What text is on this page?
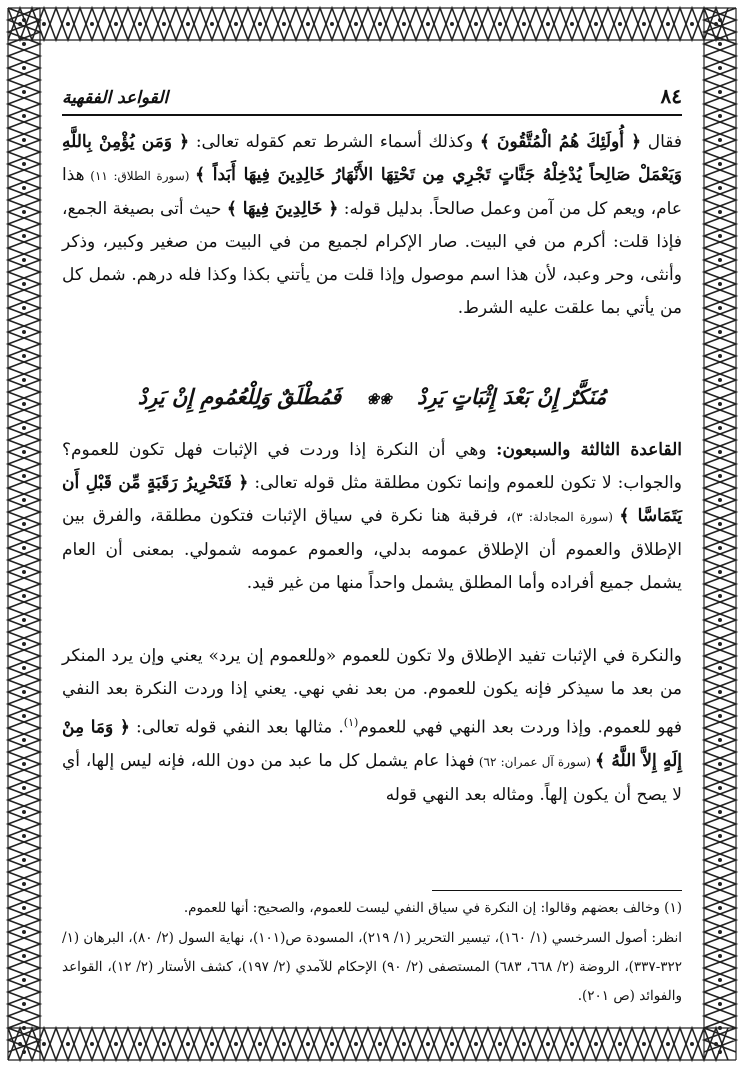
٨٤
القواعد الفقهية
فقال ﴿ أُولَئِكَ هُمُ الْمُتَّقُونَ ﴾ وكذلك أسماء الشرط تعم كقوله تعالى: ﴿ وَمَن يُؤْمِنْ بِاللَّهِ وَيَعْمَلْ صَالِحاً يُدْخِلْهُ جَنَّاتٍ تَجْرِي مِن تَحْتِهَا الأَنْهَارُ خَالِدِينَ فِيهَا أَبَداً ﴾ (سورة الطلاق: ١١) هذا عام، ويعم كل من آمن وعمل صالحاً. بدليل قوله: ﴿ خَالِدِينَ فِيهَا ﴾ حيث أتى بصيغة الجمع، فإذا قلت: أكرم من في البيت. صار الإكرام لجميع من في البيت من صغير وكبير، وذكر وأنثى، وحر وعبد، لأن هذا اسم موصول وإذا قلت من يأتني بكذا وكذا فله درهم. شمل كل من يأتي بما علقت عليه الشرط.
مُنَكَّرٌ إِنْ بَعْدَ إِثْبَاتٍ يَرِدْ ❀❀ فَمُطْلَقٌ وَلِلْعُمُومِ إِنْ يَرِدْ
القاعدة الثالثة والسبعون: وهي أن النكرة إذا وردت في الإثبات فهل تكون للعموم؟ والجواب: لا تكون للعموم وإنما تكون مطلقة مثل قوله تعالى: ﴿ فَتَحْرِيرُ رَقَبَةٍ مِّن قَبْلِ أَن يَتَمَاسَّا ﴾ (سورة المجادلة: ٣)، فرقبة هنا نكرة في سياق الإثبات فتكون مطلقة، والفرق بين الإطلاق والعموم أن الإطلاق عمومه بدلي، والعموم عمومه شمولي. بمعنى أن العام يشمل جميع أفراده وأما المطلق يشمل واحداً منها من غير قيد.
والنكرة في الإثبات تفيد الإطلاق ولا تكون للعموم «وللعموم إن يرد» يعني وإن يرد المنكر من بعد ما سيذكر فإنه يكون للعموم. من بعد نفي نهي. يعني إذا وردت النكرة بعد النفي فهو للعموم. وإذا وردت بعد النهي فهي للعموم$^{(١)}$. مثالها بعد النفي قوله تعالى: ﴿ وَمَا مِنْ إِلَهٍ إِلاَّ اللَّهُ ﴾ (سورة آل عمران: ٦٢) فهذا عام يشمل كل ما عبد من دون الله، فإنه ليس إلها، أي لا يصح أن يكون إلهاً. ومثاله بعد النهي قوله
(١) وخالف بعضهم وقالوا: إن النكرة في سياق النفي ليست للعموم، والصحيح: أنها للعموم.
انظر: أصول السرخسي (١/ ١٦٠)، تيسير التحرير (١/ ٢١٩)، المسودة ص(١٠١)، نهاية السول (٢/ ٨٠)، البرهان (١/ ٣٢٢-٣٣٧)، الروضة (٢/ ٦٦٨، ٦٨٣) المستصفى (٢/ ٩٠) الإحكام للآمدي (٢/ ١٩٧)، كشف الأستار (٢/ ١٢)، القواعد والفوائد (ص ٢٠١).
